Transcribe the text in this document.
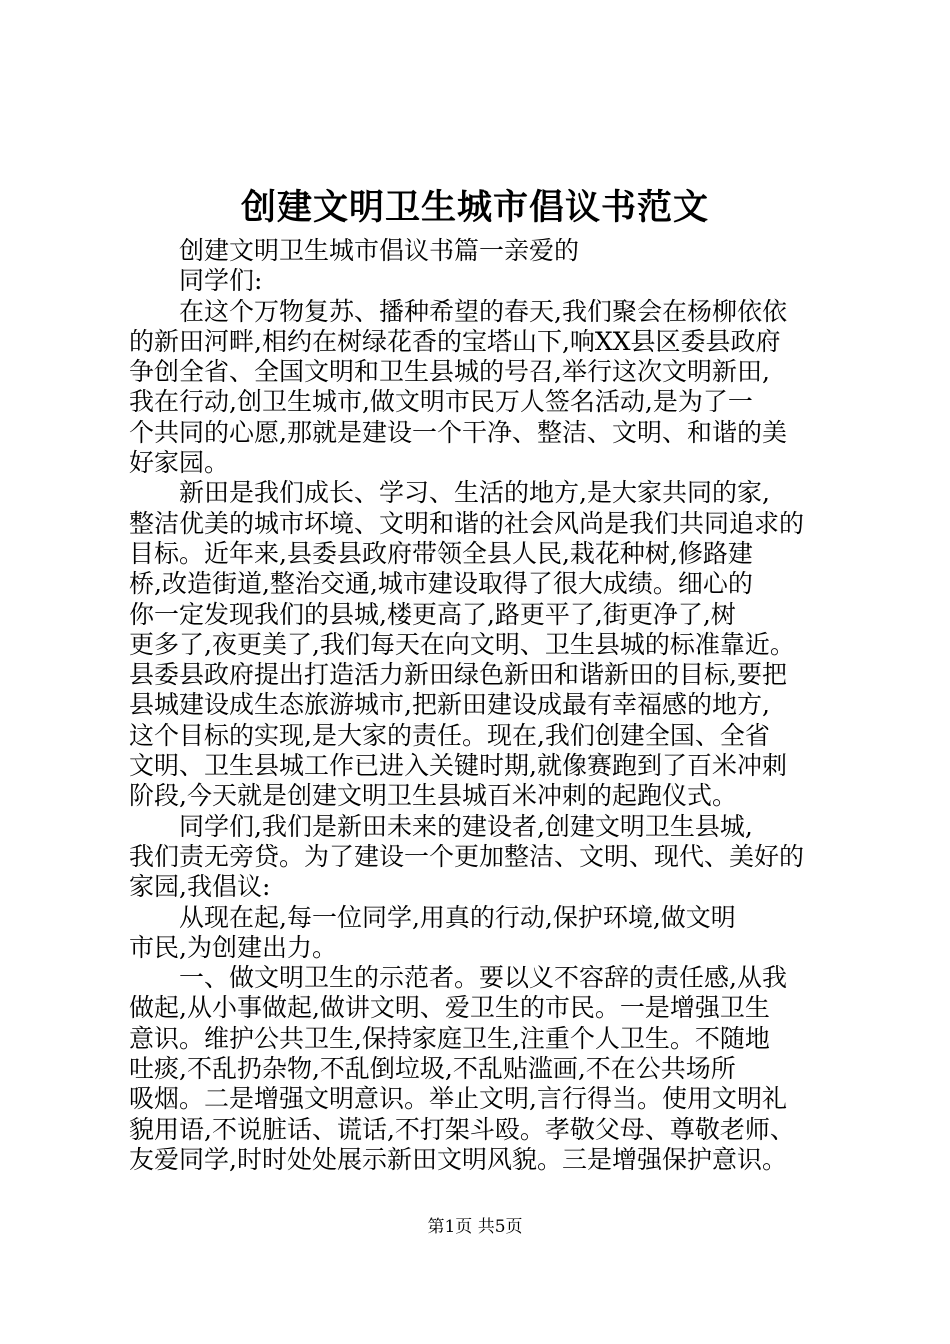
创建文明卫生城市倡议书范文
创建文明卫生城市倡议书篇一亲爱的
同学们:
在这个万物复苏、播种希望的春天,我们聚会在杨柳依依
的新田河畔,相约在树绿花香的宝塔山下,响XX县区委县政府
争创全省、全国文明和卫生县城的号召,举行这次文明新田,
我在行动,创卫生城市,做文明市民万人签名活动,是为了一
个共同的心愿,那就是建设一个干净、整洁、文明、和谐的美
好家园。
新田是我们成长、学习、生活的地方,是大家共同的家,
整洁优美的城市坏境、文明和谐的社会风尚是我们共同追求的
目标。近年来,县委县政府带领全县人民,栽花种树,修路建
桥,改造街道,整治交通,城市建设取得了很大成绩。细心的
你一定发现我们的县城,楼更高了,路更平了,街更净了,树
更多了,夜更美了,我们每天在向文明、卫生县城的标准靠近。
县委县政府提出打造活力新田绿色新田和谐新田的目标,要把
县城建设成生态旅游城市,把新田建设成最有幸福感的地方,
这个目标的实现,是大家的责任。现在,我们创建全国、全省
文明、卫生县城工作已进入关键时期,就像赛跑到了百米冲刺
阶段,今天就是创建文明卫生县城百米冲刺的起跑仪式。
同学们,我们是新田未来的建设者,创建文明卫生县城,
我们责无旁贷。为了建设一个更加整洁、文明、现代、美好的
家园,我倡议:
从现在起,每一位同学,用真的行动,保护环境,做文明
市民,为创建出力。
一、做文明卫生的示范者。要以义不容辞的责任感,从我
做起,从小事做起,做讲文明、爱卫生的市民。一是增强卫生
意识。维护公共卫生,保持家庭卫生,注重个人卫生。不随地
吐痰,不乱扔杂物,不乱倒垃圾,不乱贴滥画,不在公共场所
吸烟。二是增强文明意识。举止文明,言行得当。使用文明礼
貌用语,不说脏话、谎话,不打架斗殴。孝敬父母、尊敬老师、
友爱同学,时时处处展示新田文明风貌。三是增强保护意识。
第1页 共5页
